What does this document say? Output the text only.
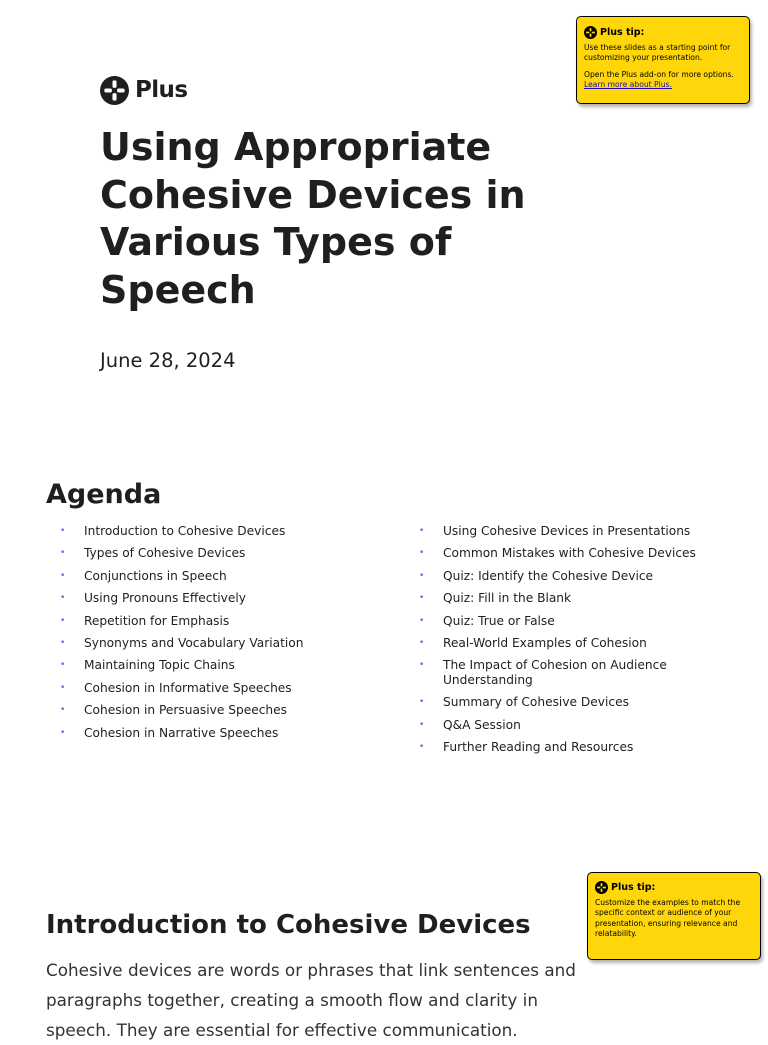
Plus tip:

Use these slides as a starting point for customizing your presentation.

Open the Plus add-on for more options. Learn more about Plus.

Plus
Using Appropriate Cohesive Devices in Various Types of Speech
June 28, 2024
Agenda
• Introduction to Cohesive Devices
• Types of Cohesive Devices
• Conjunctions in Speech
• Using Pronouns Effectively
• Repetition for Emphasis
• Synonyms and Vocabulary Variation
• Maintaining Topic Chains
• Cohesion in Informative Speeches
• Cohesion in Persuasive Speeches
• Cohesion in Narrative Speeches
• Using Cohesive Devices in Presentations
• Common Mistakes with Cohesive Devices
• Quiz: Identify the Cohesive Device
• Quiz: Fill in the Blank
• Quiz: True or False
• Real-World Examples of Cohesion
• The Impact of Cohesion on Audience Understanding
• Summary of Cohesive Devices
• Q&A Session
• Further Reading and Resources
Plus tip:

Customize the examples to match the specific context or audience of your presentation, ensuring relevance and relatability.

Introduction to Cohesive Devices

Cohesive devices are words or phrases that link sentences and paragraphs together, creating a smooth flow and clarity in speech. They are essential for effective communication.
